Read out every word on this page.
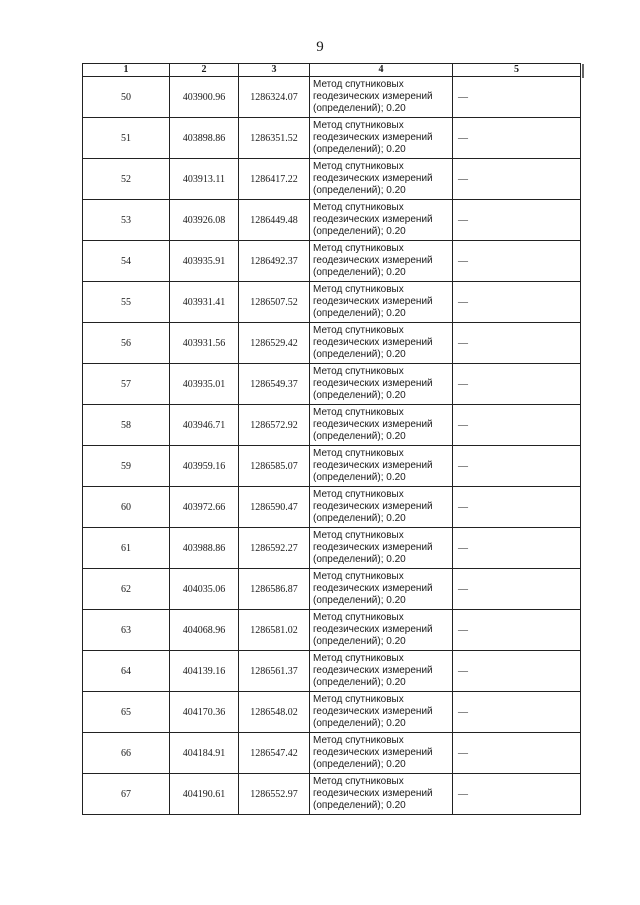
9
1	2	3	4	5
50	403900.96	1286324.07	Метод спутниковых
геодезических измерений
(определений); 0.20	—
51	403898.86	1286351.52	Метод спутниковых
геодезических измерений
(определений); 0.20	—
52	403913.11	1286417.22	Метод спутниковых
геодезических измерений
(определений); 0.20	—
53	403926.08	1286449.48	Метод спутниковых
геодезических измерений
(определений); 0.20	—
54	403935.91	1286492.37	Метод спутниковых
геодезических измерений
(определений); 0.20	—
55	403931.41	1286507.52	Метод спутниковых
геодезических измерений
(определений); 0.20	—
56	403931.56	1286529.42	Метод спутниковых
геодезических измерений
(определений); 0.20	—
57	403935.01	1286549.37	Метод спутниковых
геодезических измерений
(определений); 0.20	—
58	403946.71	1286572.92	Метод спутниковых
геодезических измерений
(определений); 0.20	—
59	403959.16	1286585.07	Метод спутниковых
геодезических измерений
(определений); 0.20	—
60	403972.66	1286590.47	Метод спутниковых
геодезических измерений
(определений); 0.20	—
61	403988.86	1286592.27	Метод спутниковых
геодезических измерений
(определений); 0.20	—
62	404035.06	1286586.87	Метод спутниковых
геодезических измерений
(определений); 0.20	—
63	404068.96	1286581.02	Метод спутниковых
геодезических измерений
(определений); 0.20	—
64	404139.16	1286561.37	Метод спутниковых
геодезических измерений
(определений); 0.20	—
65	404170.36	1286548.02	Метод спутниковых
геодезических измерений
(определений); 0.20	—
66	404184.91	1286547.42	Метод спутниковых
геодезических измерений
(определений); 0.20	—
67	404190.61	1286552.97	Метод спутниковых
геодезических измерений
(определений); 0.20	—
